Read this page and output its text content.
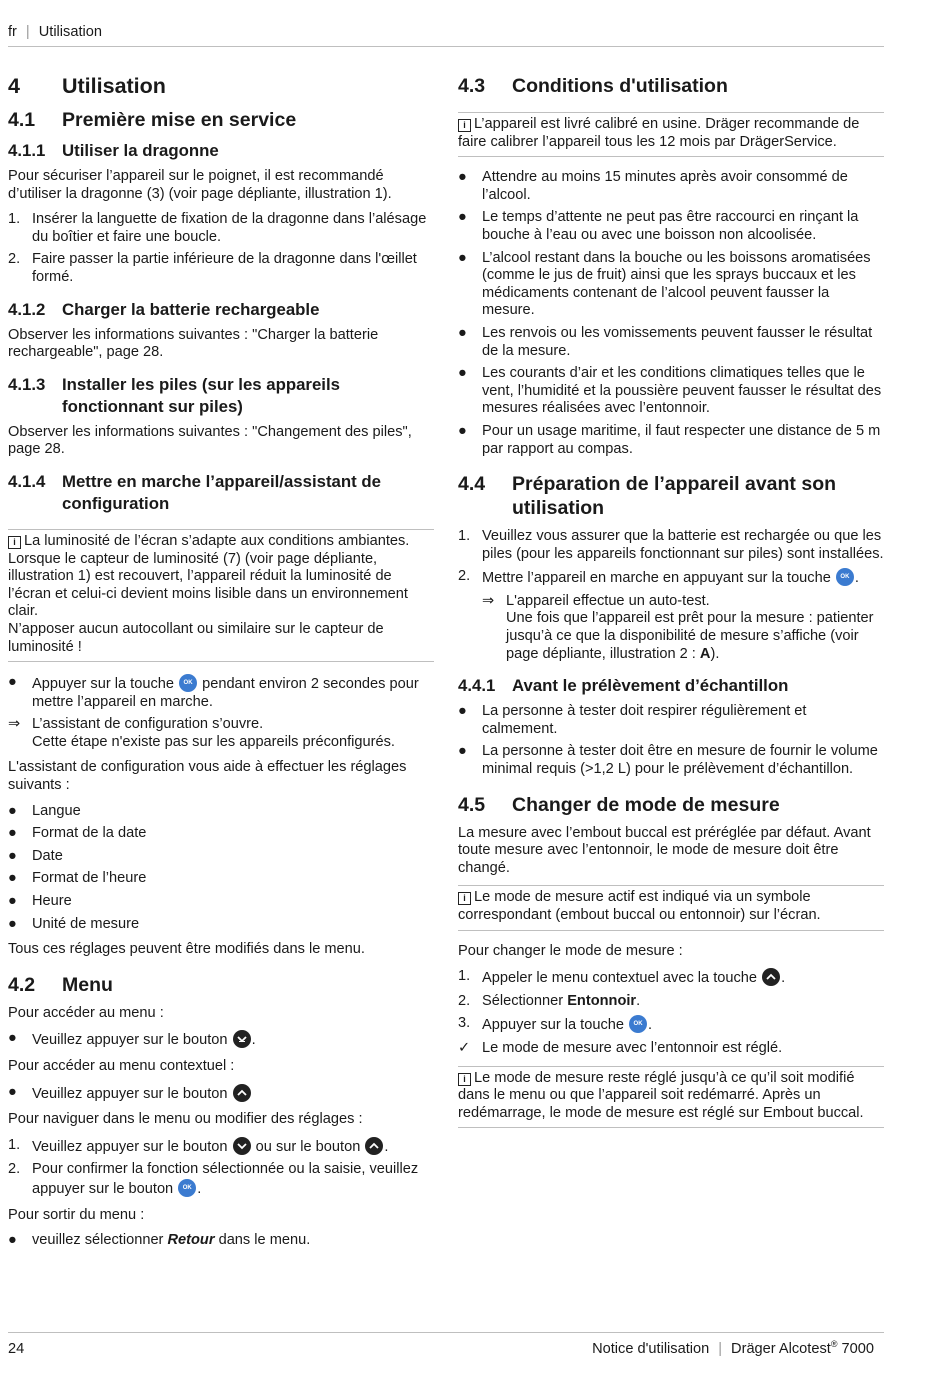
fr | Utilisation
4	Utilisation
4.1	Première mise en service
4.1.1 Utiliser la dragonne

Pour sécuriser l’appareil sur le poignet, il est recommandé d’utiliser la dragonne (3) (voir page dépliante, illustration 1).

1. Insérer la languette de fixation de la dragonne dans l’alésage du boîtier et faire une boucle.
2. Faire passer la partie inférieure de la dragonne dans l'œillet formé.
4.1.2 Charger la batterie rechargeable

Observer les informations suivantes : "Charger la batterie rechargeable", page 28.

4.1.3 Installer les piles (sur les appareils fonctionnant sur piles)

Observer les informations suivantes : "Changement des piles", page 28.

4.1.4 Mettre en marche l’appareil/assistant de configuration
i La luminosité de l’écran s’adapte aux conditions ambiantes.
Lorsque le capteur de luminosité (7) (voir page dépliante, illustration 1) est recouvert, l’appareil réduit la luminosité de l’écran et celui-ci devient moins lisible dans un environnement clair.
N’apposer aucun autocollant ou similaire sur le capteur de luminosité !
●	Appuyer sur la touche OK pendant environ 2 secondes pour mettre l’appareil en marche.
⇒ L’assistant de configuration s’ouvre.
Cette étape n'existe pas sur les appareils préconfigurés.

L'assistant de configuration vous aide à effectuer les réglages suivants :

●	Langue
●	Format de la date
●	Date
●	Format de l’heure
●	Heure
●	Unité de mesure

Tous ces réglages peuvent être modifiés dans le menu.

4.2	Menu

Pour accéder au menu :

●	Veuillez appuyer sur le bouton .

Pour accéder au menu contextuel :

●	Veuillez appuyer sur le bouton

Pour naviguer dans le menu ou modifier des réglages :

1. Veuillez appuyer sur le bouton ou sur le bouton .
2. Pour confirmer la fonction sélectionnée ou la saisie, veuillez appuyer sur le bouton OK .

Pour sortir du menu :

●	veuillez sélectionner Retour dans le menu.
4.3	Conditions d'utilisation
i L’appareil est livré calibré en usine. Dräger recommande de faire calibrer l’appareil tous les 12 mois par DrägerService.
●	Attendre au moins 15 minutes après avoir consommé de l’alcool.
●	Le temps d’attente ne peut pas être raccourci en rinçant la bouche à l’eau ou avec une boisson non alcoolisée.
●	L’alcool restant dans la bouche ou les boissons aromatisées (comme le jus de fruit) ainsi que les sprays buccaux et les médicaments contenant de l’alcool peuvent fausser la mesure.
●	Les renvois ou les vomissements peuvent fausser le résultat de la mesure.
●	Les courants d’air et les conditions climatiques telles que le vent, l’humidité et la poussière peuvent fausser le résultat des mesures réalisées avec l’entonnoir.
●	Pour un usage maritime, il faut respecter une distance de 5 m par rapport au compas.
4.4	Préparation de l’appareil avant son utilisation
1. Veuillez vous assurer que la batterie est rechargée ou que les piles (pour les appareils fonctionnant sur piles) sont installées.
2. Mettre l’appareil en marche en appuyant sur la touche OK .
⇒ L'appareil effectue un auto-test.
Une fois que l’appareil est prêt pour la mesure : patienter jusqu’à ce que la disponibilité de mesure s’affiche (voir page dépliante, illustration 2 : A).
4.4.1 Avant le prélèvement d’échantillon
●	La personne à tester doit respirer régulièrement et calmement.
●	La personne à tester doit être en mesure de fournir le volume minimal requis (>1,2 L) pour le prélèvement d’échantillon.
4.5	Changer de mode de mesure

La mesure avec l’embout buccal est préréglée par défaut. Avant toute mesure avec l’entonnoir, le mode de mesure doit être changé.

i Le mode de mesure actif est indiqué via un symbole correspondant (embout buccal ou entonnoir) sur l’écran.

Pour changer le mode de mesure :

1. Appeler le menu contextuel avec la touche .
2. Sélectionner Entonnoir.
3. Appuyer sur la touche OK .
✓ Le mode de mesure avec l’entonnoir est réglé.
i Le mode de mesure reste réglé jusqu’à ce qu’il soit modifié dans le menu ou que l’appareil soit redémarré. Après un redémarrage, le mode de mesure est réglé sur Embout buccal.
24	Notice d'utilisation | Dräger Alcotest® 7000
